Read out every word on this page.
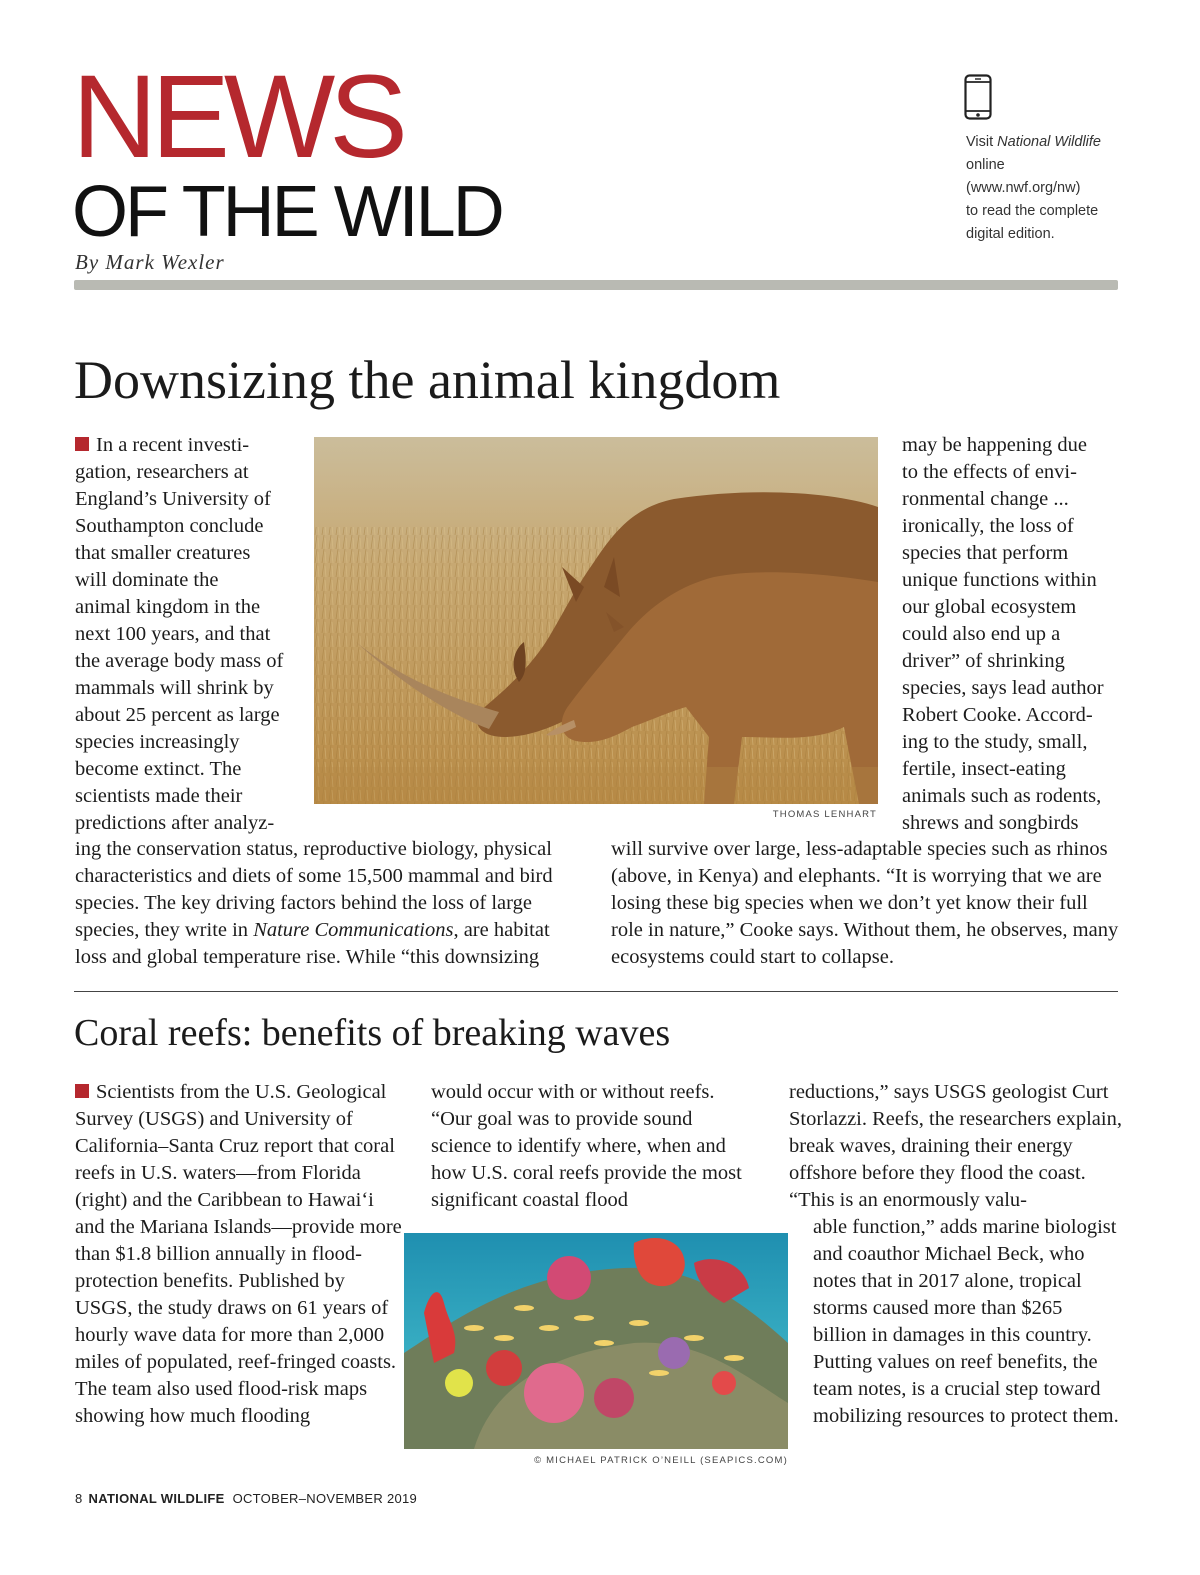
NEWS
OF THE WILD
By Mark Wexler
Visit National Wildlife online
(www.nwf.org/nw)
to read the complete digital edition.
Downsizing the animal kingdom
In a recent investi-
gation, researchers at
England’s University of
Southampton conclude
that smaller creatures
will dominate the
animal kingdom in the
next 100 years, and that
the average body mass of
mammals will shrink by
about 25 percent as large
species increasingly
become extinct. The
scientists made their
predictions after analyz-	THOMAS LENHART
may be happening due
to the effects of envi-
ronmental change ...
ironically, the loss of
species that perform
unique functions within
our global ecosystem
could also end up a
driver” of shrinking
species, says lead author
Robert Cooke. Accord-
ing to the study, small,
fertile, insect-eating
animals such as rodents,
shrews and songbirds

ing the conservation status, reproductive biology, physical characteristics and diets of some 15,500 mammal and bird species. The key driving factors behind the loss of large species, they write in Nature Communications, are habitat loss and global temperature rise. While “this downsizing

will survive over large, less-adaptable species such as rhinos (above, in Kenya) and elephants. “It is worrying that we are losing these big species when we don’t yet know their full role in nature,” Cooke says. Without them, he observes, many ecosystems could start to collapse.

Coral reefs: benefits of breaking waves

Scientists from the U.S. Geological Survey (USGS) and University of California–Santa Cruz report that coral reefs in U.S. waters—from Florida (right) and the Caribbean to Hawai‘i and the Mariana Islands—provide more than $1.8 billion annually in flood-protection benefits. Published by USGS, the study draws on 61 years of hourly wave data for more than 2,000 miles of populated, reef-fringed coasts. The team also used flood-risk maps showing how much flooding

would occur with or without reefs. “Our goal was to provide sound science to identify where, when and how U.S. coral reefs provide the most significant coastal flood

© MICHAEL PATRICK O’NEILL (SEAPICS.COM)

reductions,” says USGS geologist Curt Storlazzi. Reefs, the researchers explain, break waves, draining their energy offshore before they flood the coast. “This is an enormously valu-

able function,” adds marine biologist and coauthor Michael Beck, who notes that in 2017 alone, tropical storms caused more than $265 billion in damages in this country. Putting values on reef benefits, the team notes, is a crucial step toward mobilizing resources to protect them.

8 NATIONAL WILDLIFE OCTOBER–NOVEMBER 2019
